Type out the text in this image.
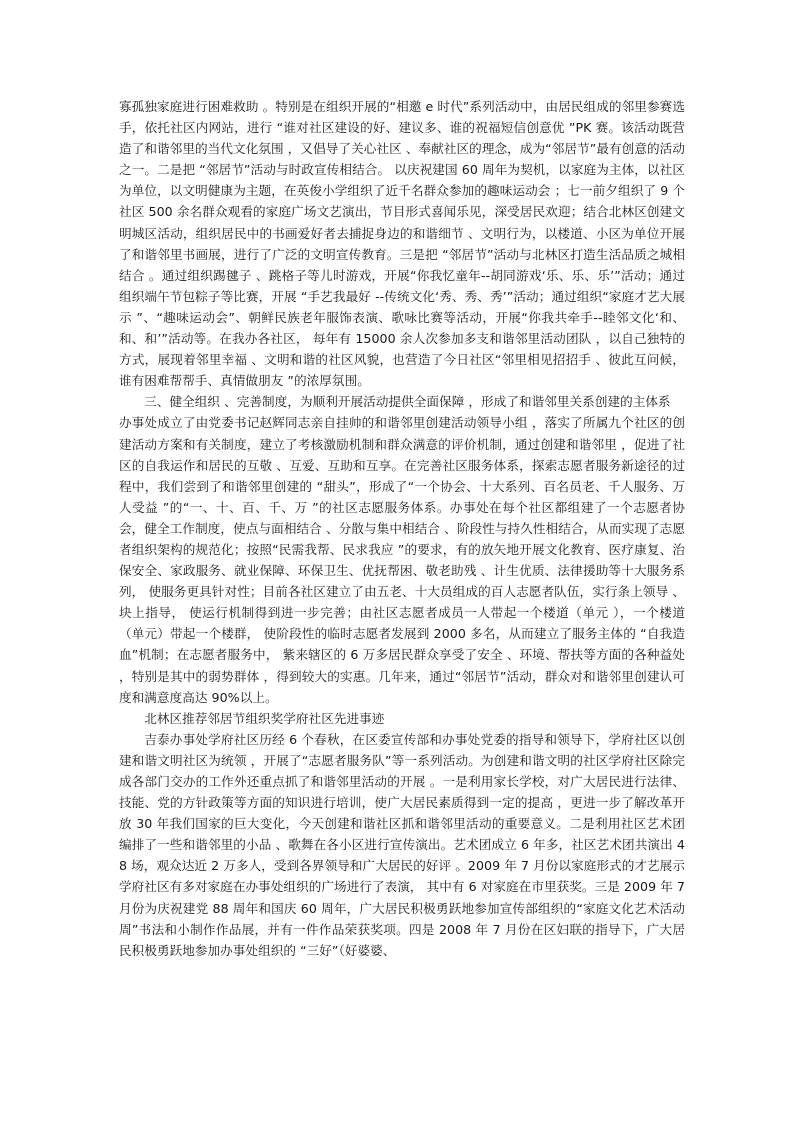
寡孤独家庭进行困难救助 。特别是在组织开展的“相邀 e 时代”系列活动中，由居民组成的邻里参赛选手，依托社区内网站，进行 “谁对社区建设的好、建议多、谁的祝福短信创意优 ”PK 赛。该活动既营造了和谐邻里的当代文化氛围 ，又倡导了关心社区 、奉献社区的理念，成为“邻居节”最有创意的活动之一。二是把 “邻居节”活动与时政宣传相结合。 以庆祝建国 60 周年为契机，以家庭为主体，以社区为单位，以文明健康为主题，在英俊小学组织了近千名群众参加的趣味运动会 ；七一前夕组织了 9 个社区 500 余名群众观看的家庭广场文艺演出，节目形式喜闻乐见，深受居民欢迎；结合北林区创建文明城区活动，组织居民中的书画爱好者去捕捉身边的和谐细节 、文明行为，以楼道、小区为单位开展了和谐邻里书画展，进行了广泛的文明宣传教育。三是把 “邻居节”活动与北林区打造生活品质之城相结合 。通过组织踢毽子 、跳格子等儿时游戏，开展“你我忆童年--胡同游戏‘乐、乐、乐’”活动；通过组织端午节包粽子等比赛，开展 “手艺我最好 --传统文化‘秀、秀、秀’”活动；通过组织“家庭才艺大展示 ”、“趣味运动会”、朝鲜民族老年服饰表演、歌咏比赛等活动，开展“你我共牵手--睦邻文化‘和、和、和’”活动等。在我办各社区， 每年有 15000 余人次参加多支和谐邻里活动团队 ，以自己独特的方式，展现着邻里幸福 、文明和谐的社区风貌，也营造了今日社区“邻里相见招招手 、彼此互问候，谁有困难帮帮手、真情做朋友 ”的浓厚氛围。

三、健全组织 、完善制度，为顺利开展活动提供全面保障 ，形成了和谐邻里关系创建的主体系

办事处成立了由党委书记赵辉同志亲自挂帅的和谐邻里创建活动领导小组 ，落实了所属九个社区的创建活动方案和有关制度，建立了考核激励机制和群众满意的评价机制，通过创建和谐邻里 ，促进了社区的自我运作和居民的互敬 、互爱、互助和互享。在完善社区服务体系，探索志愿者服务新途径的过程中，我们尝到了和谐邻里创建的 “甜头”，形成了“一个协会、十大系列、百名员老、千人服务、万人受益 ”的“一、十、百、千、万 ”的社区志愿服务体系。办事处在每个社区都组建了一个志愿者协会，健全工作制度，使点与面相结合 、分散与集中相结合 、阶段性与持久性相结合，从而实现了志愿者组织架构的规范化；按照“民需我帮、民求我应 ”的要求，有的放矢地开展文化教育、医疗康复、治保安全、家政服务、就业保障、环保卫生、优抚帮困、敬老助残 、计生优质、法律援助等十大服务系列， 使服务更具针对性；目前各社区建立了由五老、十大员组成的百人志愿者队伍，实行条上领导 、块上指导， 使运行机制得到进一步完善；由社区志愿者成员一人带起一个楼道（单元 ），一个楼道（单元）带起一个楼群， 使阶段性的临时志愿者发展到 2000 多名，从而建立了服务主体的 “自我造血”机制；在志愿者服务中， 紫来辖区的 6 万多居民群众享受了安全 、环境、帮扶等方面的各种益处 ，特别是其中的弱势群体 ，得到较大的实惠。几年来，通过“邻居节”活动，群众对和谐邻里创建认可度和满意度高达 90%以上。

北林区推荐邻居节组织奖学府社区先进事迹

吉泰办事处学府社区历经 6 个春秋，在区委宣传部和办事处党委的指导和领导下，学府社区以创建和谐文明社区为统领 ，开展了“志愿者服务队”等一系列活动。为创建和谐文明的社区学府社区除完成各部门交办的工作外还重点抓了和谐邻里活动的开展 。一是利用家长学校，对广大居民进行法律、技能、党的方针政策等方面的知识进行培训，使广大居民素质得到一定的提高 ，更进一步了解改革开放 30 年我们国家的巨大变化，今天创建和谐社区抓和谐邻里活动的重要意义。二是利用社区艺术团编排了一些和谐邻里的小品 、歌舞在各小区进行宣传演出。艺术团成立 6 年多，社区艺术团共演出 48 场，观众达近 2 万多人，受到各界领导和广大居民的好评 。2009 年 7 月份以家庭形式的才艺展示学府社区有多对家庭在办事处组织的广场进行了表演， 其中有 6 对家庭在市里获奖。三是 2009 年 7 月份为庆祝建党 88 周年和国庆 60 周年，广大居民积极勇跃地参加宣传部组织的“家庭文化艺术活动周”书法和小制作作品展，并有一件作品荣获奖项。四是 2008 年 7 月份在区妇联的指导下，广大居民积极勇跃地参加办事处组织的 “三好”（好婆婆、
